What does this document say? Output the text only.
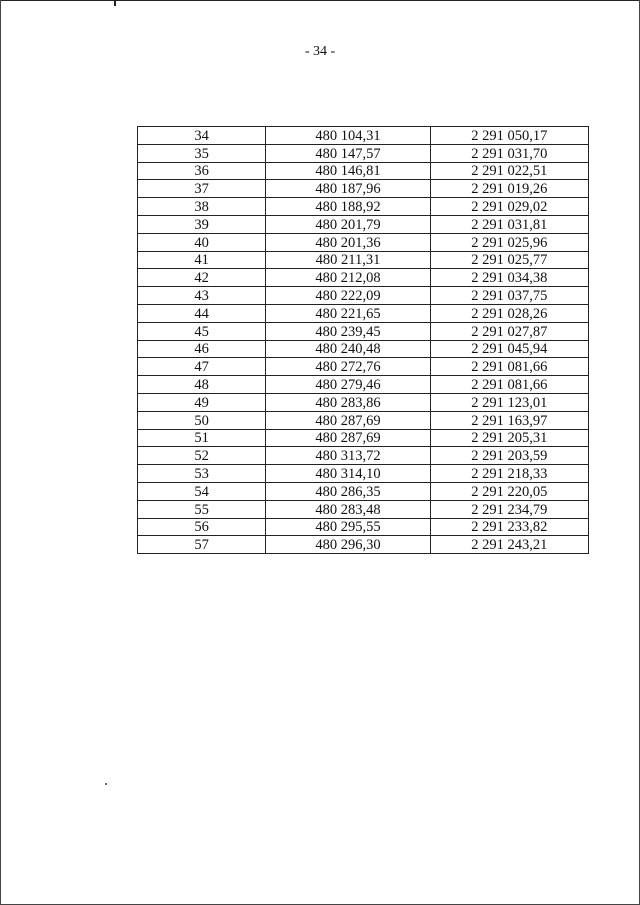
- 34 -
34	480 104,31	2 291 050,17
35	480 147,57	2 291 031,70
36	480 146,81	2 291 022,51
37	480 187,96	2 291 019,26
38	480 188,92	2 291 029,02
39	480 201,79	2 291 031,81
40	480 201,36	2 291 025,96
41	480 211,31	2 291 025,77
42	480 212,08	2 291 034,38
43	480 222,09	2 291 037,75
44	480 221,65	2 291 028,26
45	480 239,45	2 291 027,87
46	480 240,48	2 291 045,94
47	480 272,76	2 291 081,66
48	480 279,46	2 291 081,66
49	480 283,86	2 291 123,01
50	480 287,69	2 291 163,97
51	480 287,69	2 291 205,31
52	480 313,72	2 291 203,59
53	480 314,10	2 291 218,33
54	480 286,35	2 291 220,05
55	480 283,48	2 291 234,79
56	480 295,55	2 291 233,82
57	480 296,30	2 291 243,21
